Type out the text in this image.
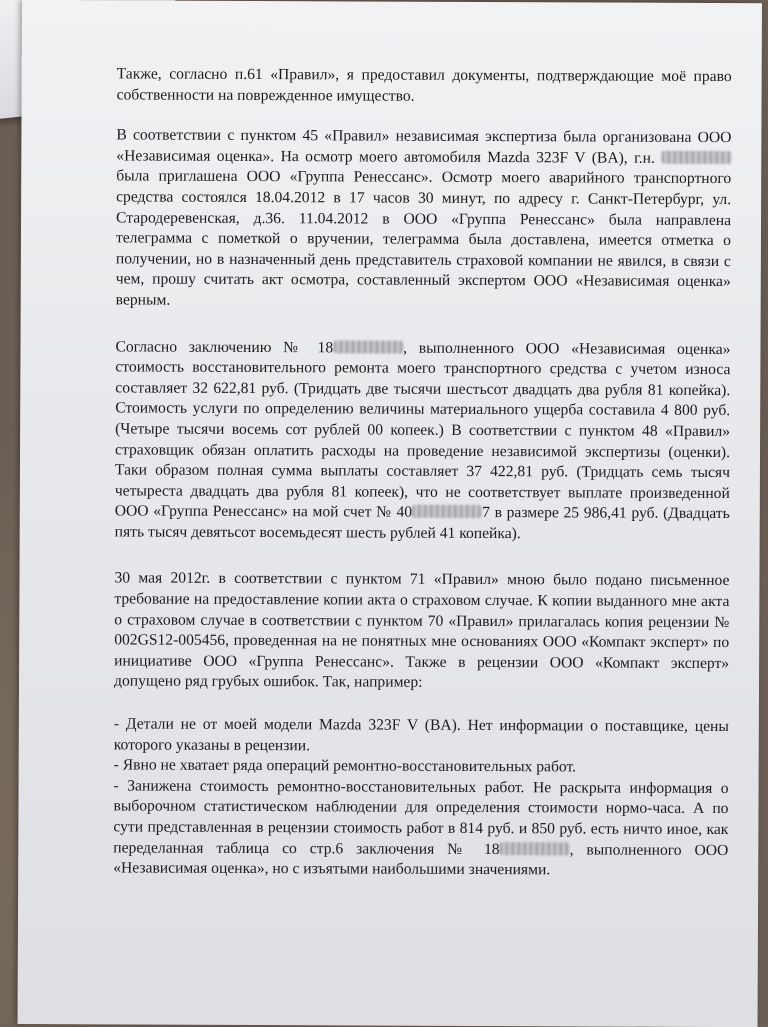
Также, согласно п.61 «Правил», я предоставил документы, подтверждающие моё право собственности на поврежденное имущество.

В соответствии с пунктом 45 «Правил» независимая экспертиза была организована ООО «Независимая оценка». На осмотр моего автомобиля Mazda 323F V (BA), г.н.  была приглашена ООО «Группа Ренессанс». Осмотр моего аварийного транспортного средства состоялся 18.04.2012 в 17 часов 30 минут, по адресу г. Санкт-Петербург, ул. Стародеревенская, д.36. 11.04.2012 в ООО «Группа Ренессанс» была направлена телеграмма с пометкой о вручении, телеграмма была доставлена, имеется отметка о получении, но в назначенный день представитель страховой компании не явился, в связи с чем, прошу считать акт осмотра, составленный экспертом ООО «Независимая оценка» верным.

Согласно заключению № 18	, выполненного ООО «Независимая оценка» стоимость восстановительного ремонта моего транспортного средства с учетом износа составляет 32 622,81 руб. (Тридцать две тысячи шестьсот двадцать два рубля 81 копейка). Стоимость услуги по определению величины материального ущерба составила 4 800 руб. (Четыре тысячи восемь сот рублей 00 копеек.) В соответствии с пунктом 48 «Правил» страховщик обязан оплатить расходы на проведение независимой экспертизы (оценки). Таки образом полная сумма выплаты составляет 37 422,81 руб. (Тридцать семь тысяч четыреста двадцать два рубля 81 копеек), что не соответствует выплате произведенной ООО «Группа Ренессанс» на мой счет № 40	7 в размере 25 986,41 руб. (Двадцать пять тысяч девятьсот восемьдесят шесть рублей 41 копейка).

30 мая 2012г. в соответствии с пунктом 71 «Правил» мною было подано письменное требование на предоставление копии акта о страховом случае. К копии выданного мне акта о страховом случае в соответствии с пунктом 70 «Правил» прилагалась копия рецензии № 002GS12-005456, проведенная на не понятных мне основаниях ООО «Компакт эксперт» по инициативе ООО «Группа Ренессанс». Также в рецензии ООО «Компакт эксперт» допущено ряд грубых ошибок. Так, например:

- Детали не от моей модели Mazda 323F V (BA). Нет информации о поставщике, цены которого указаны в рецензии.

- Явно не хватает ряда операций ремонтно-восстановительных работ.

- Занижена стоимость ремонтно-восстановительных работ. Не раскрыта информация о выборочном статистическом наблюдении для определения стоимости нормо-часа. А по сути представленная в рецензии стоимость работ в 814 руб. и 850 руб. есть ничто иное, как переделанная таблица со стр.6 заключения № 18	, выполненного ООО «Независимая оценка», но с изъятыми наибольшими значениями.
